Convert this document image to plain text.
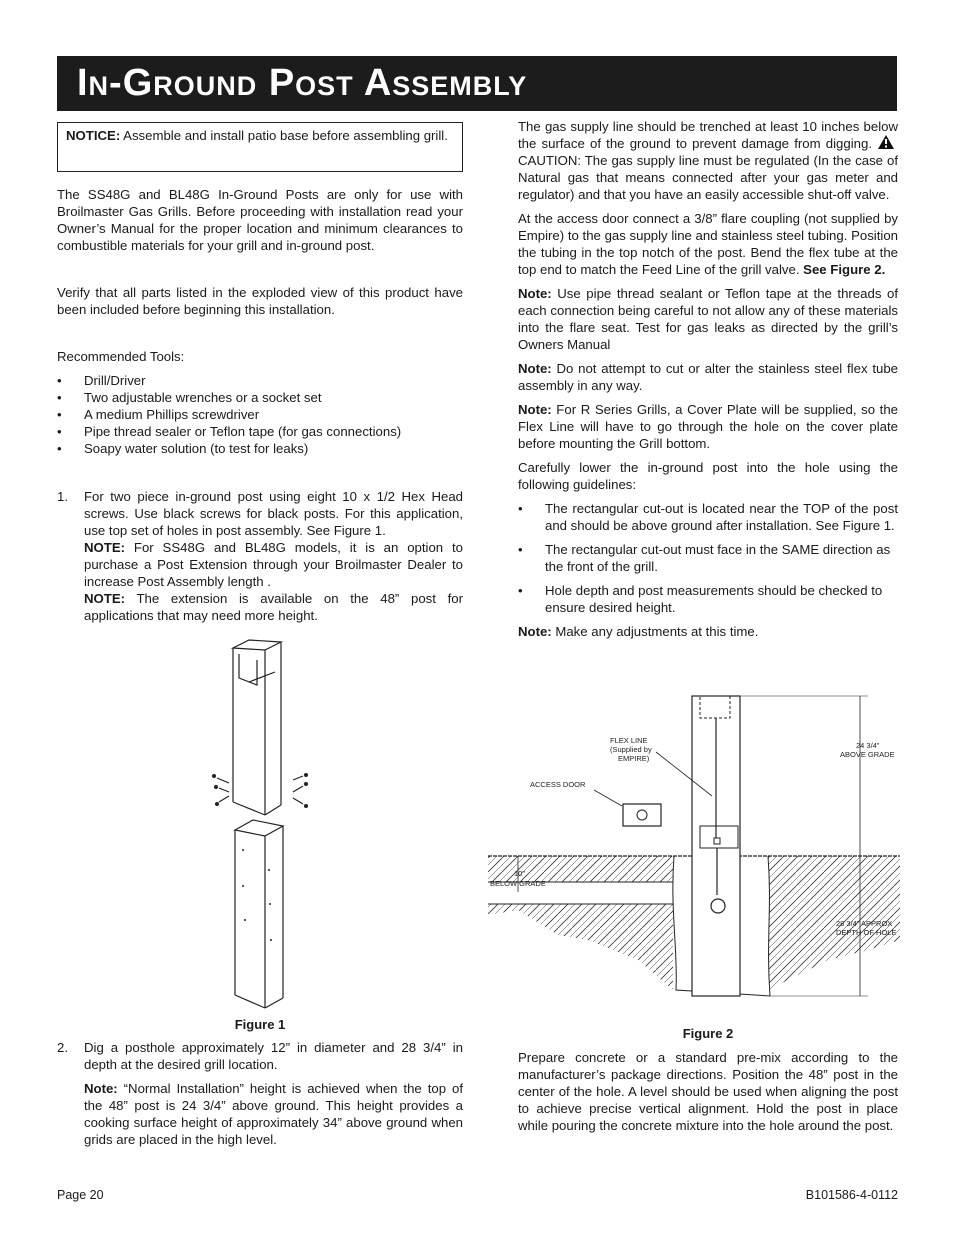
In-Ground Post Assembly
NOTICE: Assemble and install patio base before assembling grill.

The SS48G and BL48G In-Ground Posts are only for use with Broilmaster Gas Grills. Before proceeding with installation read your Owner’s Manual for the proper location and minimum clearances to combustible materials for your grill and in-ground post.

Verify that all parts listed in the exploded view of this product have been included before beginning this installation.

Recommended Tools:

• Drill/Driver
• Two adjustable wrenches or a socket set
• A medium Phillips screwdriver
• Pipe thread sealer or Teflon tape (for gas connections)
• Soapy water solution (to test for leaks)
1. For two piece in-ground post using eight 10 x 1/2 Hex Head screws. Use black screws for black posts. For this application, use top set of holes in post assembly. See Figure 1.

NOTE: For SS48G and BL48G models, it is an option to purchase a Post Extension through your Broilmaster Dealer to increase Post Assembly length .

NOTE: The extension is available on the 48” post for applications that may need more height.

Figure 1
2. Dig a posthole approximately 12” in diameter and 28 3/4” in depth at the desired grill location.

Note: “Normal Installation” height is achieved when the top of the 48” post is 24 3/4” above ground. This height provides a cooking surface height of approximately 34” above ground when grids are placed in the high level.

The gas supply line should be trenched at least 10 inches below the surface of the ground to prevent damage from digging.CAUTION: The gas supply line must be regulated (In the case of Natural gas that means connected after your gas meter and regulator) and that you have an easily accessible shut-off valve.

At the access door connect a 3/8” flare coupling (not supplied by Empire) to the gas supply line and stainless steel tubing. Position the tubing in the top notch of the post. Bend the flex tube at the top end to match the Feed Line of the grill valve. See Figure 2.

Note: Use pipe thread sealant or Teflon tape at the threads of each connection being careful to not allow any of these materials into the flare seat. Test for gas leaks as directed by the grill’s Owners Manual

Note: Do not attempt to cut or alter the stainless steel flex tube assembly in any way.

Note: For R Series Grills, a Cover Plate will be supplied, so the Flex Line will have to go through the hole on the cover plate before mounting the Grill bottom.

Carefully lower the in-ground post into the hole using the following guidelines:

• The rectangular cut-out is located near the TOP of the post and should be above ground after installation. See Figure 1.
• The rectangular cut-out must face in the SAME direction as the front of the grill.
• Hole depth and post measurements should be checked to ensure desired height.

Note: Make any adjustments at this time.

FLEX LINE
(Supplied by
EMPIRE)
ACCESS DOOR
24 3/4”
ABOVE GRADE
10”
BELOW GRADE
28 3/4” APPROX
DEPTH OF HOLE
Figure 2

Prepare concrete or a standard pre-mix according to the manufacturer’s package directions. Position the 48” post in the center of the hole. A level should be used when aligning the post to achieve precise vertical alignment. Hold the post in place while pouring the concrete mixture into the hole around the post.

Page 20	B101586-4-0112
